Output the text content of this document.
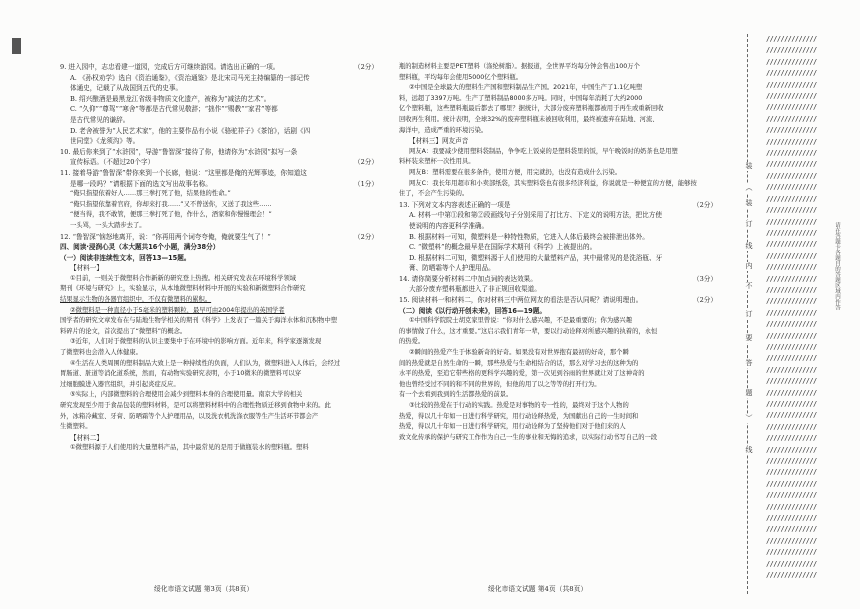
9. 进入园中，志忠看建一道园，完成后方可继续游园。请选出正确的一项。	（2分）
A. 《孙权劝学》选自《资治通鉴》，《资治通鉴》是北宋司马光主持编纂的一部记传
体通史，记载了从战国到五代的史事。
B. 绍兴酿酒是最黑龙江省级非物质文化遗产，被称为“减法的艺术”。
C. “久仰”“尊驾”“寒舍”等都是古代常见敬辞；“拙作”“赐教”“家君”等都
是古代常见的谦辞。
D. 老舍被誉为“人民艺术家”，他的主要作品有小说《骆驼祥子》《茶馆》，话剧《四
世同堂》《龙须沟》等。
10. 最后你来到了“水浒园”，导游“鲁智深”接待了你，他请你为“水浒园”拟写一条
宣传标语。（不超过20个字）	（2分）
11. 接着导游“鲁智深”带你来到一个长廊，他说：“这里都是俺的光辉事迹，你知道这
是哪一段吗？”请根据下面的选文写出故事名称。	（1分）
“俺只指望依着好人……那三拳打死了他，结果他的性命。”
“俺只指望依靠着官府，你却来打我……”又不曾送你，又送了我这些……
“便当得，我不敢管，便那三拳打死了他，作什么，酒家和你慢慢理会！”
一头骂，一头大踏步去了。
12. “鲁智深”恼怒地离开，说：“你再用两个词夸夸俺，俺就要生气了！”	（2分）
四、阅读·浸润心灵（本大题共16个小题，满分38分）
（一）阅读非连续性文本，回答13—15题。
【材料一】
①目前，一则关于微塑料合作新新的研究登上热搜。相关研究发表在环境科学领域
期刊《环境与研究》上，实验显示，从本地微塑料材料中开展的实验和新微塑料合作研究
结果显示生物的各器官组织中，不仅有微塑料的累积。
②微塑料是一种直径小于5毫米的塑料颗粒，最早可由2004年提出的英国学者
国学者的研究文章发布在与陆地生物学相关的期刊《科学》上发表了一篇关于海洋水体和沉积物中塑
料碎片的论文，首次提出了“微塑料”的概念。
③近年，人们对于微塑料的认识主要集中于在环境中的影响方面。近年来，科学家逐渐发现
了微塑料也会潜入人体健康。
④生活在人类周围的塑料制品大致上是一种持续性的负面，人们认为，微塑料进入人体后，会经过
胃肠道、脏道等消化道系统，然而，有动物实验研究表明，小于10微米的微塑料可以穿
过细胞膜进入器官组织，并引起炎症反应。
⑤实际上，内部微塑料的合理使用会减少到塑料本身的合理使用量。南京大学的相关
研究发现至少用于食品包装的塑料材料，是可以将塑料材料中的合理性物质迁移到食物中来的。此
外，冰箱冷藏室、牙膏、防晒霜等个人护理用品，以及洗衣机洗涤衣服等生产生活环节都会产
生微塑料。
【材料二】
①微塑料源于人们使用的大量塑料产品，其中最常见的是用于做瓶装水的塑料瓶。塑料
瓶的制造材料主要是PET塑料（涤纶树脂）。据报道，全世界平均每分钟会售出100万个
塑料瓶，平均每年会使用5000亿个塑料瓶。
②中国是全球最大的塑料生产国和塑料制品生产国。2021年，中国生产了1.1亿吨塑
料，远超了3397万吨。生产了塑料制品8000多万吨。同时，中国每年消耗了大约2000
亿个塑料瓶，这些塑料瓶最后都去了哪里？据统计，大部分废弃塑料瓶都被用于再生或重新回收
回收再生利用。统计表明，全球32%的废弃塑料瓶未被回收利用，最终被遗弃在陆地、河流、
海洋中，造成严重的环境污染。
【材料三】网友声音
网友A：我要减少使用塑料袋制品，争争吃上饭桌的是塑料袋里的饭，早午晚饭时的奶茶也是用塑
料杯装来塑杯一次性用具。
网友B：塑料需要在很多条件，使用方便，用完就扔，也没有造成什么污染。
网友C：我长年用超市和小卖部纸袋，其实塑料袋也有很多经济利益，你说就是一种便宜的方便，能够按
住了，不会产生污染的。
13. 下列对文本内容表述正确的一项是	（2分）
A. 材料一中第①段和第②段画线句子分别采用了打比方、下定义的说明方法，把比方使
使说明的内容更科学准确。
B. 根据材料一可知，微塑料是一种特性物质，它进入人体后最终会被排泄出体外。
C. “微塑料”的概念最早是在国际学术期刊《科学》上被提出的。
D. 根据材料二可知，微塑料源于人们使用的大量塑料产品，其中最常见的是洗浴瓶、牙
膏、防晒霜等个人护理用品。
14. 请你简要分析材料二中加点词的表达效果。	（3分）
大部分废弃塑料瓶都进入了非正规回收渠道。
15. 阅读材料一和材料二，你对材料三中两位网友的看法是否认同呢？请说明理由。	（2分）
（二）阅读《以行动开创未来》，回答16—19题。
①中国科学院院士胡克家里曾说：“你对什么感兴趣，不是最重要的；你为感兴趣
的事情做了什么，这才重要。”这启示我们青年一辈，要以行动诠释对所感兴趣的执着的，永恒
的热爱。
②瞬间的热爱产生于体验新奇的好奇。如果没有对世界抱有最初的好奇，那个瞬
间的热爱就是自然生命的一瞬，那些热爱与生命相结合的话，那么对学习去的这种为的
水平的热爱，至追它带些格的更科学兴趣的爱，第一次见到谷雨的世界就让对了这神奇的
他也曾经受过不同的和不同的世界的，但他的用了以之等等的打开行为。
有一个去看到我到的生活都热爱的前景。
③比较的热爱在于行动的实践。热爱是对事物的专一性的，最终对于这个人物的
热爱，得以几十年如一日进行科学研究，用行动诠释热爱，为国献出自己的一生时间和
热爱，得以几十年如一日进行科学研究，用行动诠释为了坚持他们对于他们来的人
致文化传承的保护与研究工作作为自己一生的事业和无悔的追求，以实际行动书写自己的一段
绥化市语文试题 第3页（共8页）	绥化市语文试题 第4页（共8页）
//////////////
//////////////
//////////////
//////////////
//////////////
//////////////
//////////////
//////////////
//////////////
//////////////
//////////////
//////////////
//////////////
//////////////
//////////////
//////////////
//////////////
//////////////
//////////////
//////////////
//////////////
//////////////
//////////////
//////////////
//////////////
//////////////
//////////////
//////////////
//////////////
//////////////
//////////////
//////////////
//////////////
//////////////
//////////////
//////////////
//////////////
//////////////
//////////////
//////////////
//////////////
//////////////
//////////////
//////////////
//////////////
//////////////
//////////////
//////////////
装
（
装
订
线
内
不
订
要
答
题
）
线
请在答题卡各题目的答题区域内作答
